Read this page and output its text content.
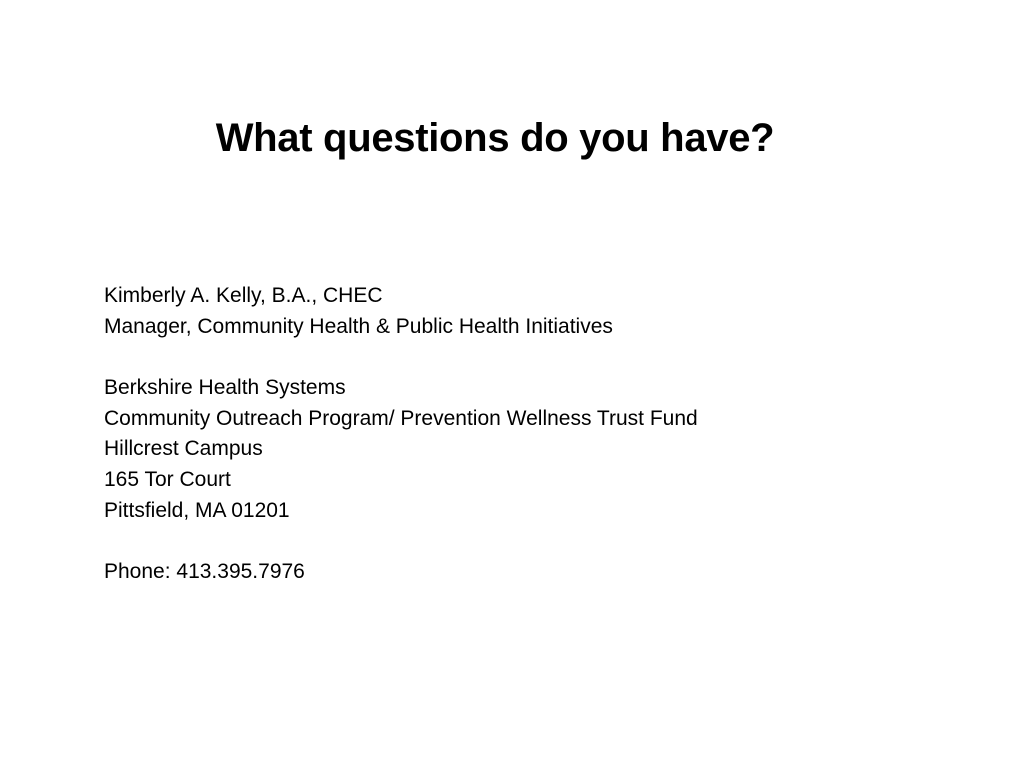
What questions do you have?
Kimberly A. Kelly, B.A., CHEC
Manager, Community Health & Public Health Initiatives
Berkshire Health Systems
Community Outreach Program/ Prevention Wellness Trust Fund
Hillcrest Campus
165 Tor Court
Pittsfield, MA 01201
Phone: 413.395.7976
